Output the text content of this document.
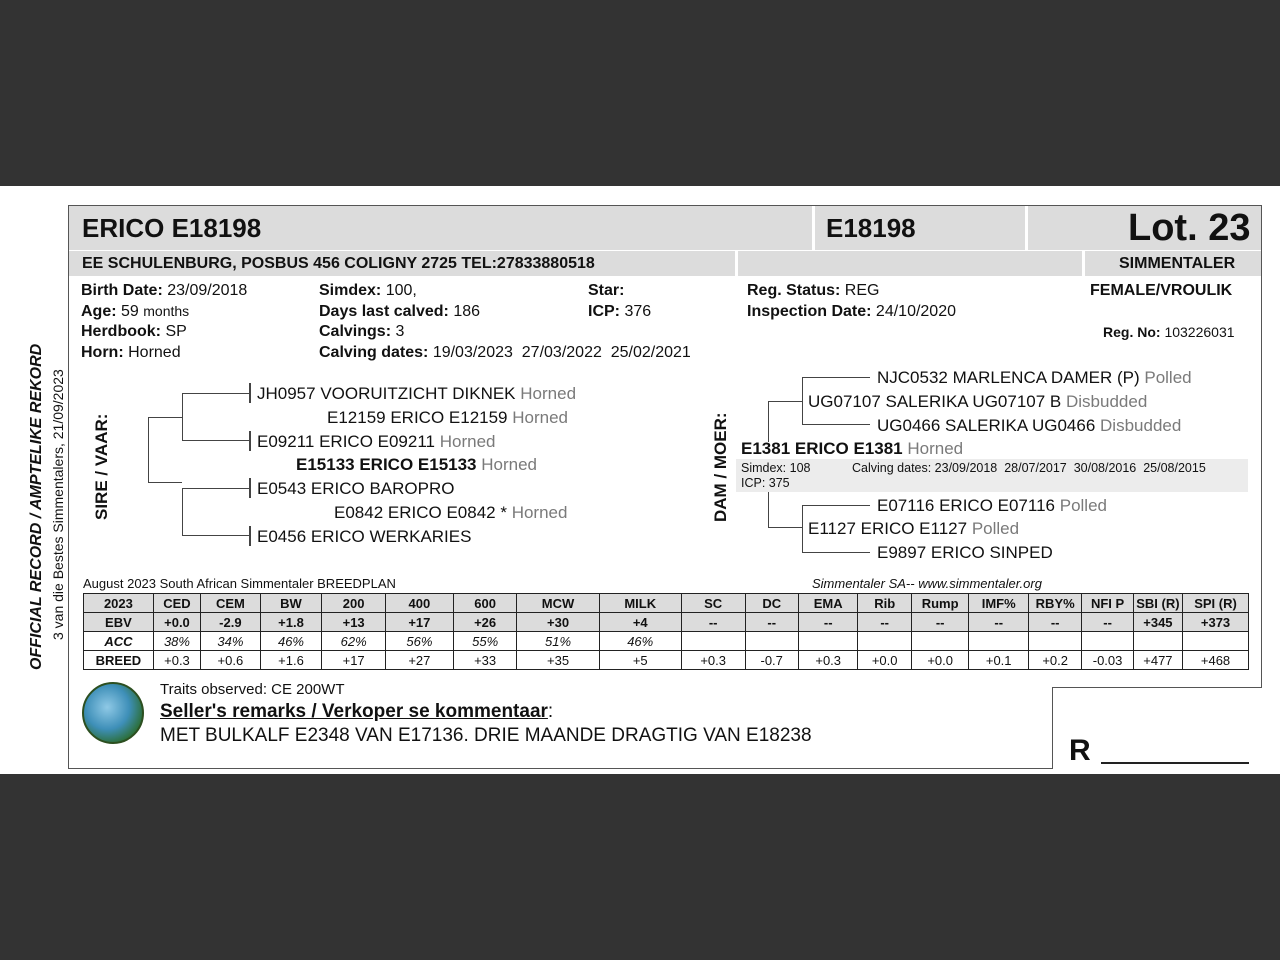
OFFICIAL RECORD / AMPTELIKE REKORD 3 van die Bestes Simmentalers, 21/09/2023
ERICO E18198	E18198	Lot. 23
EE SCHULENBURG, POSBUS 456 COLIGNY 2725 TEL:27833880518	SIMMENTALER
Birth Date: 23/09/2018
Age: 59 months
Herdbook: SP
Horn: Horned
Simdex: 100,
Days last calved: 186
Calvings: 3
Calving dates: 19/03/2023  27/03/2022  25/02/2021
Star:
ICP: 376
Reg. Status: REG
Inspection Date: 24/10/2020
FEMALE/VROULIK
Reg. No: 103226031
SIRE / VAAR:
JH0957 VOORUITZICHT DIKNEK Horned
E12159 ERICO E12159 Horned
E09211 ERICO E09211 Horned
E15133 ERICO E15133 Horned
E0543 ERICO BAROPRO
E0842 ERICO E0842 * Horned
E0456 ERICO WERKARIES
DAM / MOER:
NJC0532 MARLENCA DAMER (P) Polled
UG07107 SALERIKA UG07107 B Disbudded
UG0466 SALERIKA UG0466 Disbudded
E1381 ERICO E1381 Horned
Simdex: 108
ICP: 375
Calving dates: 23/09/2018  28/07/2017  30/08/2016  25/08/2015
E07116 ERICO E07116 Polled
E1127 ERICO E1127 Polled
E9897 ERICO SINPED
August 2023 South African Simmentaler BREEDPLAN	Simmentaler SA-- www.simmentaler.org
2023	CED	CEM	BW	200	400	600	MCW	MILK	SC	DC	EMA	Rib	Rump	IMF%	RBY%	NFI P	SBI (R)	SPI (R)
EBV	+0.0	-2.9	+1.8	+13	+17	+26	+30	+4	--	--	--	--	--	--	--	--	+345	+373
ACC	38%	34%	46%	62%	56%	55%	51%	46%										
BREED	+0.3	+0.6	+1.6	+17	+27	+33	+35	+5	+0.3	-0.7	+0.3	+0.0	+0.0	+0.1	+0.2	-0.03	+477	+468
Traits observed: CE 200WT
Seller's remarks / Verkoper se kommentaar:
MET BULKALF E2348 VAN E17136. DRIE MAANDE DRAGTIG VAN E18238	R
